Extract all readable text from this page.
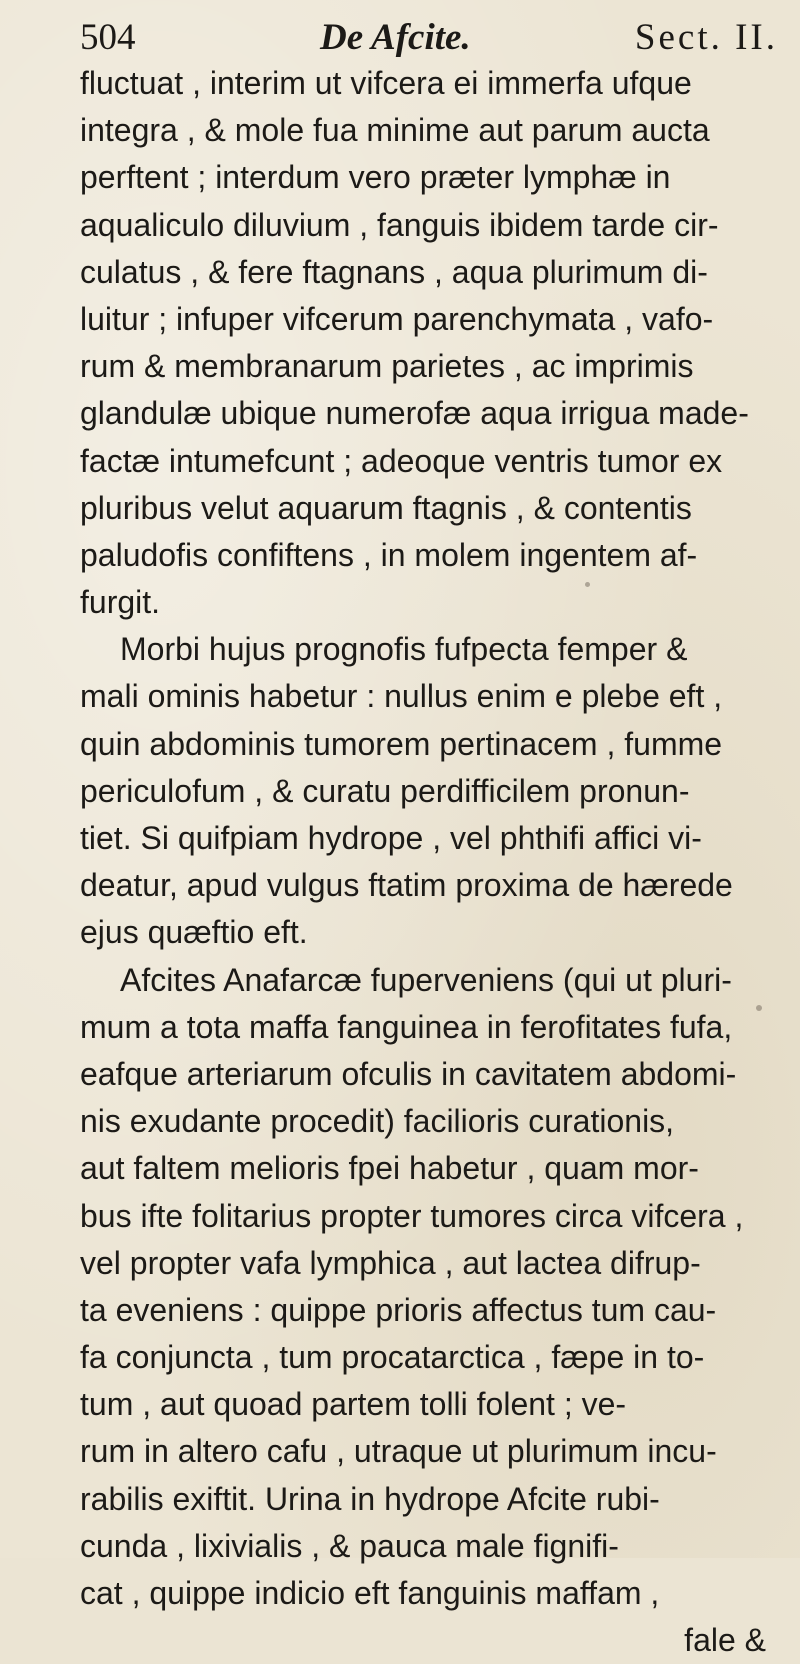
504	De Afcite.	Sect. II.
fluctuat , interim ut vifcera ei immerfa ufque
integra , & mole fua minime aut parum aucta
perftent ; interdum vero præter lymphæ in
aqualiculo diluvium , fanguis ibidem tarde cir-
culatus , & fere ftagnans , aqua plurimum di-
luitur ; infuper vifcerum parenchymata , vafo-
rum & membranarum parietes , ac imprimis
glandulæ ubique numerofæ aqua irrigua made-
factæ intumefcunt ; adeoque ventris tumor ex
pluribus velut aquarum ftagnis , & contentis
paludofis confiftens , in molem ingentem af-
furgit.
Morbi hujus prognofis fufpecta femper &
mali ominis habetur : nullus enim e plebe eft ,
quin abdominis tumorem pertinacem , fumme
periculofum , & curatu perdifficilem pronun-
tiet. Si quifpiam hydrope , vel phthifi affici vi-
deatur, apud vulgus ftatim proxima de hærede
ejus quæftio eft.
Afcites Anafarcæ fuperveniens (qui ut pluri-
mum a tota maffa fanguinea in ferofitates fufa,
eafque arteriarum ofculis in cavitatem abdomi-
nis exudante procedit) facilioris curationis,
aut faltem melioris fpei habetur , quam mor-
bus ifte folitarius propter tumores circa vifcera ,
vel propter vafa lymphica , aut lactea difrup-
ta eveniens : quippe prioris affectus tum cau-
fa conjuncta , tum procatarctica , fæpe in to-
tum , aut quoad partem tolli folent ; ve-
rum in altero cafu , utraque ut plurimum incu-
rabilis exiftit. Urina in hydrope Afcite rubi-
cunda , lixivialis , & pauca male fignifi-
cat , quippe indicio eft fanguinis maffam ,
fale &
